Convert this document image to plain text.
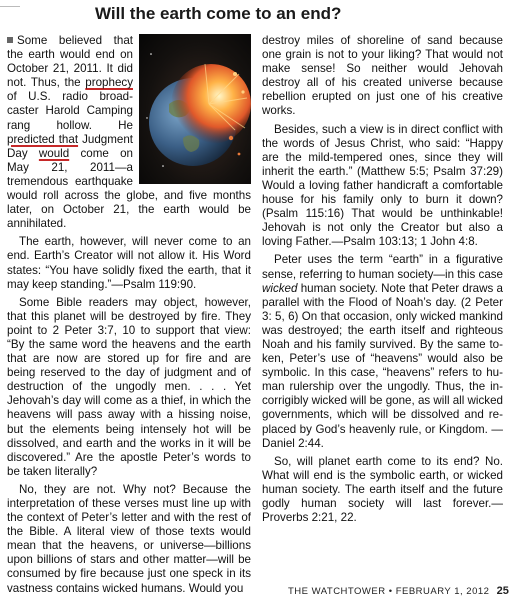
Will the earth come to an end?

Some believed that the earth would end on October 21, 2011. It did not. Thus, the prophecy of U.S. radio broadcaster Harold Camping rang hollow. He predicted that Judgment Day would come on May 21, 2011—a tremendous earthquake would roll across the globe, and five months later, on October 21, the earth would be annihilated.

The earth, however, will never come to an end. Earth’s Creator will not allow it. His Word states: “You have solidly fixed the earth, that it may keep standing.”—Psalm 119:90.

Some Bible readers may object, however, that this planet will be destroyed by fire. They point to 2 Peter 3:7, 10 to support that view: “By the same word the heavens and the earth that are now are stored up for fire and are being reserved to the day of judgment and of destruction of the ungodly men. . . . Yet Jehovah’s day will come as a thief, in which the heavens will pass away with a hissing noise, but the elements being intensely hot will be dissolved, and earth and the works in it will be discovered.” Are the apostle Peter’s words to be taken literally?

No, they are not. Why not? Because the interpretation of these verses must line up with the context of Peter’s letter and with the rest of the Bible. A literal view of those texts would mean that the heavens, or universe—billions upon billions of stars and other matter—will be consumed by fire because just one speck in its vastness contains wicked humans. Would you

destroy miles of shoreline of sand because one grain is not to your liking? That would not make sense! So neither would Jehovah destroy all of his created universe because rebellion erupted on just one of his creative works.

Besides, such a view is in direct conflict with the words of Jesus Christ, who said: “Happy are the mild-tempered ones, since they will inherit the earth.” (Matthew 5:5; Psalm 37:29) Would a loving father handicraft a comfortable house for his family only to burn it down? (Psalm 115:16) That would be unthinkable! Jehovah is not only the Creator but also a loving Father.—Psalm 103:13; 1 John 4:8.

Peter uses the term “earth” in a figurative sense, referring to human society—in this case wicked human society. Note that Peter draws a parallel with the Flood of Noah’s day. (2 Peter 3: 5, 6) On that occasion, only wicked mankind was destroyed; the earth itself and righteous Noah and his family survived. By the same token, Peter’s use of “heavens” would also be symbolic. In this case, “heavens” refers to human rulership over the ungodly. Thus, the incorrigibly wicked will be gone, as will all wicked governments, which will be dissolved and replaced by God’s heavenly rule, or Kingdom. —Daniel 2:44.

So, will planet earth come to its end? No. What will end is the symbolic earth, or wicked human society. The earth itself and the future godly human society will last forever.—Proverbs 2:21, 22.

THE WATCHTOWER • FEBRUARY 1, 2012 25
